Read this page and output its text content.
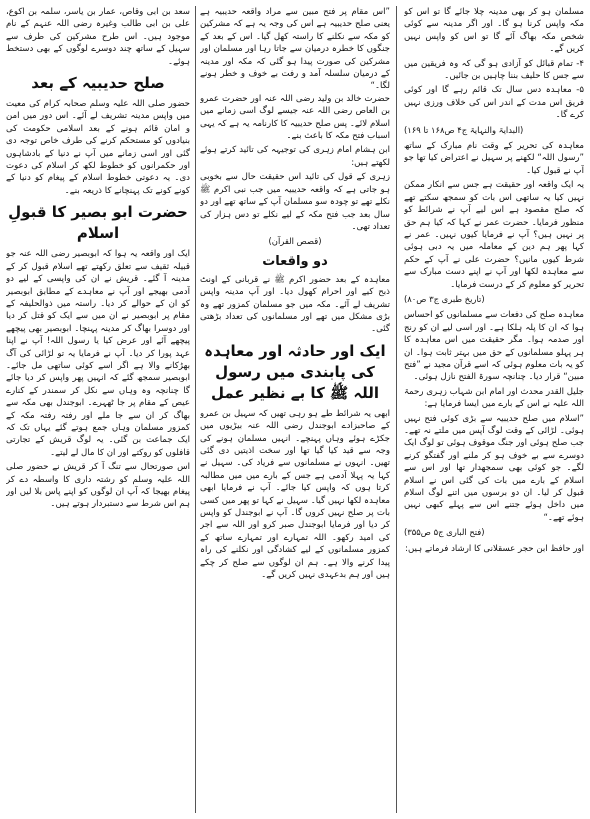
مسلمان ہو کر بھی مدینہ چلا جائے گا تو اس کو مکہ واپس کرنا ہو گا۔ اور اگر مدینہ سے کوئی شخص مکہ بھاگ آئے گا تو اس کو واپس نہیں کریں گے۔

۴- تمام قبائل کو آزادی ہو گی کہ وہ فریقین میں سے جس کا حلیف بننا چاہیں بن جائیں۔

۵- معاہدہ دس سال تک قائم رہے گا اور کوئی فریق اس مدت کے اندر اس کی خلاف ورزی نہیں کرے گا۔

(البدایۃ والنہایۃ ج۴ ص۱۶۸ تا ۱۶۹)

معاہدہ کی تحریر کے وقت نام مبارک کے ساتھ ”رسول اللہ“ لکھنے پر سہیل نے اعتراض کیا تھا جو آپ نے قبول کیا۔

یہ ایک واقعہ اور حقیقت ہے جس سے انکار ممکن نہیں کیا یہ ساتھی اس بات کو سمجھ سکتے تھے کہ صلح مقصود ہے اس لیے آپ نے شرائط کو منظور فرمایا۔ حضرت عمر نے کہا کہ کیا ہم حق پر نہیں ہیں؟ آپ نے فرمایا کیوں نہیں۔ عمر نے کہا پھر ہم دین کے معاملہ میں یہ دبی ہوئی شرط کیوں مانیں؟ حضرت علی نے آپ کے حکم سے معاہدہ لکھا اور آپ نے اپنے دست مبارک سے تحریر کو معلوم کر کے درست فرمایا۔

(تاریخ طبری ج۳ ص۸۰)

معاہدہ صلح کی دفعات سے مسلمانوں کو احساس ہوا کہ ان کا پلہ ہلکا ہے۔ اور اسی لیے ان کو رنج اور صدمہ ہوا۔ مگر حقیقت میں اس معاہدہ کا ہر پہلو مسلمانوں کے حق میں بہتر ثابت ہوا۔ ان کو یہ بات معلوم ہوئی کہ اسے قرآن مجید نے ”فتح مبین“ قرار دیا۔ چنانچہ سورۃ الفتح نازل ہوئی۔

جلیل القدر محدث اور امام ابن شہاب زہری رحمۃ اللہ علیہ نے اس کے بارے میں ایسا فرمایا ہے:

”اسلام میں صلح حدیبیہ سے بڑی کوئی فتح نہیں ہوئی۔ لڑائی کے وقت لوگ آپس میں ملتے نہ تھے۔ جب صلح ہوئی اور جنگ موقوف ہوئی تو لوگ ایک دوسرے سے بے خوف ہو کر ملنے اور گفتگو کرنے لگے۔ جو کوئی بھی سمجھدار تھا اور اس سے اسلام کے بارے میں بات کی گئی اس نے اسلام قبول کر لیا۔ ان دو برسوں میں اتنے لوگ اسلام میں داخل ہوئے جتنے اس سے پہلے کبھی نہیں ہوئے تھے۔“

(فتح الباری ج۵ ص۳۵۵)

اور حافظ ابن حجر عسقلانی کا ارشاد فرماتے ہیں:

”اس مقام پر فتح مبین سے مراد واقعہ حدیبیہ ہے یعنی صلح حدیبیہ ہے اس کی وجہ یہ ہے کہ مشرکین کو مکہ سے نکلنے کا راستہ کھل گیا۔ اس کے بعد کے جنگوں کا خطرہ درمیان سے جاتا رہا اور مسلمان اور مشرکین کی صورت پیدا ہو گئی کہ مکہ اور مدینہ کے درمیان سلسلہ آمد و رفت بے خوف و خطر ہونے لگا۔“

حضرت خالد بن ولید رضی اللہ عنہ اور حضرت عمرو بن العاص رضی اللہ عنہ جیسے لوگ اسی زمانے میں اسلام لائے۔ پس صلح حدیبیہ کا کارنامہ یہ ہے کہ یہی اسباب فتح مکہ کا باعث بنے۔

ابن ہشام امام زہری کی توجیہہ کی تائید کرتے ہوئے لکھتے ہیں:

زہری کے قول کی تائید اس حقیقت حال سے بخوبی ہو جاتی ہے کہ واقعہ حدیبیہ میں جب نبی اکرم ﷺ نکلے تھے تو چودہ سو مسلمان آپ کے ساتھ تھے اور دو سال بعد جب فتح مکہ کے لیے نکلے تو دس ہزار کی تعداد تھی۔

(قصص القرآن)

دو واقعات

معاہدہ کے بعد حضور اکرم ﷺ نے قربانی کے اونٹ ذبح کیے اور احرام کھول دیا۔ اور آپ مدینہ واپس تشریف لے آئے۔ مکہ میں جو مسلمان کمزور تھے وہ بڑی مشکل میں تھے اور مسلمانوں کی تعداد بڑھتی گئی۔

ایک اور حادثہ اور معاہدہ کی پابندی میں رسول اللہ ﷺ کا بے نظیر عمل

ابھی یہ شرائط طے ہو رہی تھیں کہ سہیل بن عمرو کے صاحبزادے ابوجندل رضی اللہ عنہ بیڑیوں میں جکڑے ہوئے وہاں پہنچے۔ انہیں مسلمان ہونے کی وجہ سے قید کیا گیا تھا اور سخت اذیتیں دی گئی تھیں۔ انہوں نے مسلمانوں سے فریاد کی۔ سہیل نے کہا یہ پہلا آدمی ہے جس کے بارے میں میں مطالبہ کرتا ہوں کہ واپس کیا جائے۔ آپ نے فرمایا ابھی معاہدہ لکھا نہیں گیا۔ سہیل نے کہا تو پھر میں کسی بات پر صلح نہیں کروں گا۔ آپ نے ابوجندل کو واپس کر دیا اور فرمایا ابوجندل صبر کرو اور اللہ سے اجر کی امید رکھو۔ اللہ تمہارے اور تمہارے ساتھ کے کمزور مسلمانوں کے لیے کشادگی اور نکلنے کی راہ پیدا کرنے والا ہے۔ ہم ان لوگوں سے صلح کر چکے ہیں اور ہم بدعہدی نہیں کریں گے۔

سعد بن ابی وقاص، عمار بن یاسر، سلمہ بن اکوع، علی بن ابی طالب وغیرہ رضی اللہ عنہم کے نام موجود ہیں۔ اس طرح مشرکین کی طرف سے سہیل کے ساتھ چند دوسرے لوگوں کے بھی دستخط ہوئے۔

صلح حدیبیہ کے بعد

حضور صلی اللہ علیہ وسلم صحابہ کرام کی معیت میں واپس مدینہ تشریف لے آئے۔ اس دور میں امن و امان قائم ہونے کے بعد اسلامی حکومت کی بنیادوں کو مستحکم کرنے کی طرف خاص توجہ دی گئی اور اسی زمانے میں آپ نے دنیا کے بادشاہوں اور حکمرانوں کو خطوط لکھ کر اسلام کی دعوت دی۔ یہ دعوتی خطوط اسلام کے پیغام کو دنیا کے کونے کونے تک پہنچانے کا ذریعہ بنے۔

حضرت ابو بصیر کا قبولِ اسلام

ایک اور واقعہ یہ ہوا کہ ابوبصیر رضی اللہ عنہ جو قبیلہ ثقیف سے تعلق رکھتے تھے اسلام قبول کر کے مدینہ آ گئے۔ قریش نے ان کی واپسی کے لیے دو آدمی بھیجے اور آپ نے معاہدے کے مطابق ابوبصیر کو ان کے حوالے کر دیا۔ راستہ میں ذوالحلیفہ کے مقام پر ابوبصیر نے ان میں سے ایک کو قتل کر دیا اور دوسرا بھاگ کر مدینہ پہنچا۔ ابوبصیر بھی پیچھے پیچھے آئے اور عرض کیا یا رسول اللہ! آپ نے اپنا عہد پورا کر دیا۔ آپ نے فرمایا یہ تو لڑائی کی آگ بھڑکانے والا ہے اگر اسے کوئی ساتھی مل جائے۔ ابوبصیر سمجھ گئے کہ انہیں پھر واپس کر دیا جائے گا چنانچہ وہ وہاں سے نکل کر سمندر کے کنارے عیص کے مقام پر جا ٹھہرے۔ ابوجندل بھی مکہ سے بھاگ کر ان سے جا ملے اور رفتہ رفتہ مکہ کے کمزور مسلمان وہاں جمع ہوتے گئے یہاں تک کہ ایک جماعت بن گئی۔ یہ لوگ قریش کے تجارتی قافلوں کو روکتے اور ان کا مال لے لیتے۔

اس صورتحال سے تنگ آ کر قریش نے حضور صلی اللہ علیہ وسلم کو رشتہ داری کا واسطہ دے کر پیغام بھیجا کہ آپ ان لوگوں کو اپنے پاس بلا لیں اور ہم اس شرط سے دستبردار ہوتے ہیں۔
